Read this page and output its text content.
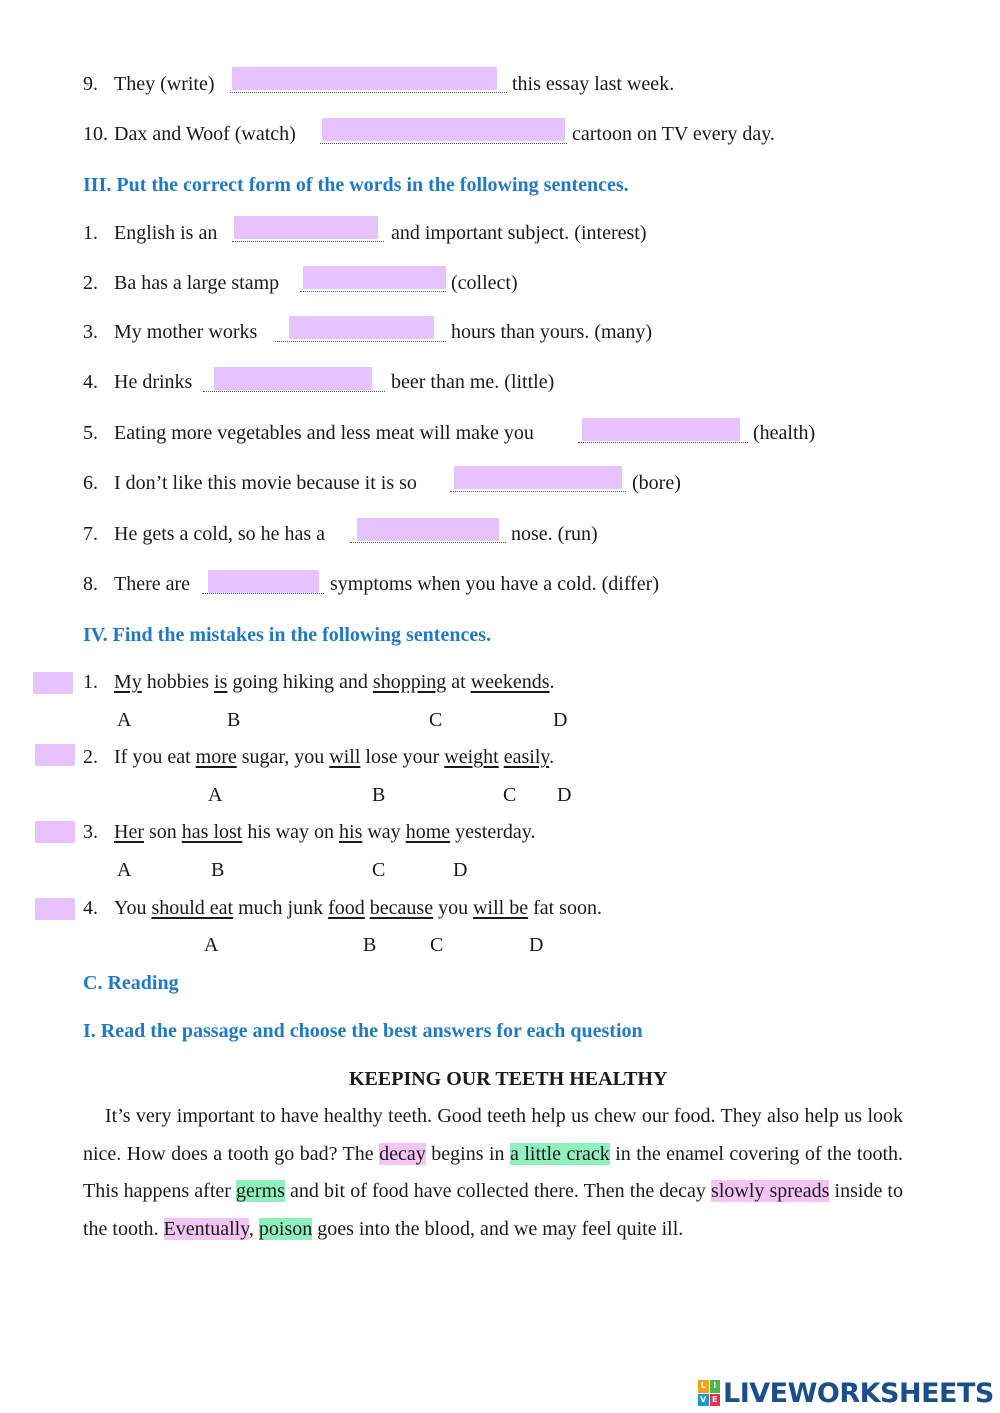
9. They (write)	this essay last week.
10. Dax and Woof (watch)	cartoon on TV every day.
III. Put the correct form of the words in the following sentences.
1. English is an	and important subject. (interest)
2. Ba has a large stamp	(collect)
3. My mother works	hours than yours. (many)
4. He drinks	beer than me. (little)
5. Eating more vegetables and less meat will make you	(health)
6. I don’t like this movie because it is so	(bore)
7. He gets a cold, so he has a	nose. (run)
8. There are	symptoms when you have a cold. (differ)
IV. Find the mistakes in the following sentences.
1. My hobbies is going hiking and shopping at weekends.
A	B	C	D
2. If you eat more sugar, you will lose your weight easily.
A	B	C D
3. Her son has lost his way on his way home yesterday.
A	B	C	D
4. You should eat much junk food because you will be fat soon.
A	B	C	D
C. Reading
I. Read the passage and choose the best answers for each question
KEEPING OUR TEETH HEALTHY
It’s very important to have healthy teeth. Good teeth help us chew our food. They also help us look nice. How does a tooth go bad? The decay begins in a little crack in the enamel covering of the tooth. This happens after germs and bit of food have collected there. Then the decay slowly spreads inside to the tooth. Eventually, poison goes into the blood, and we may feel quite ill.
L I
V E LIVEWORKSHEETS
